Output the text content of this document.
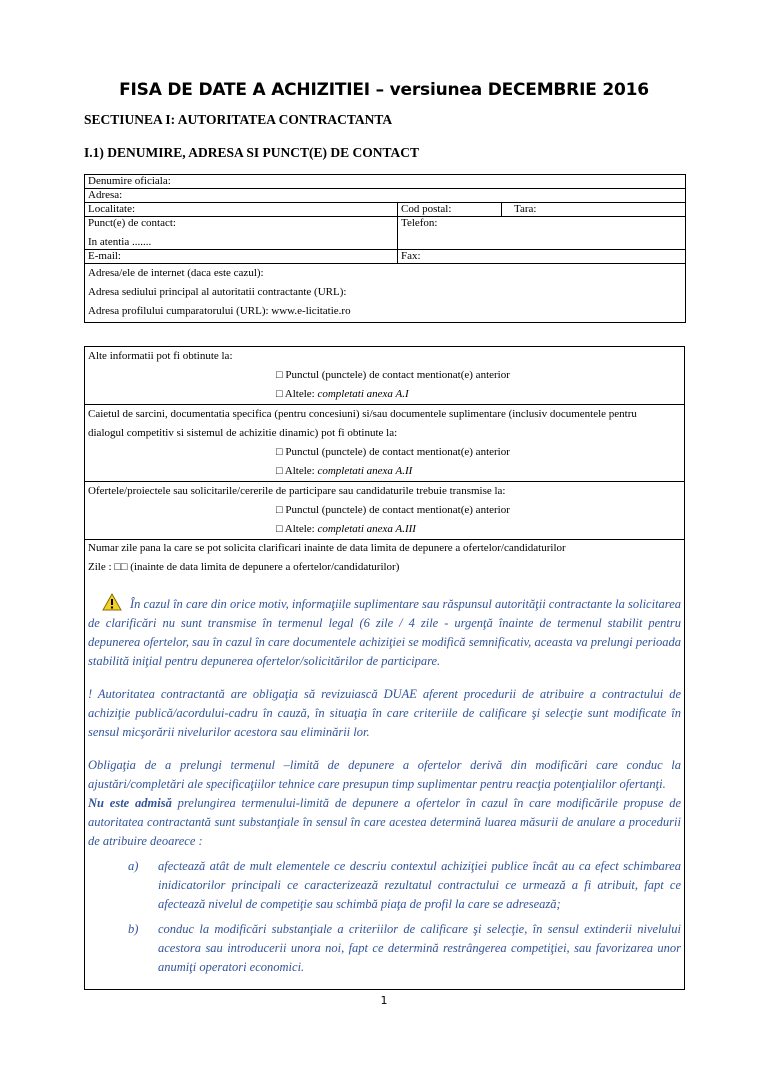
FISA DE DATE A ACHIZITIEI – versiunea DECEMBRIE 2016
SECTIUNEA I: AUTORITATEA CONTRACTANTA
I.1) DENUMIRE, ADRESA SI PUNCT(E) DE CONTACT
Denumire oficiala:		
Adresa:		
Localitate:	Cod postal:	Tara:

Punct(e) de contact:
In atentia .......	Telefon:	
E-mail:	Fax:	

Adresa/ele de internet (daca este cazul):
Adresa sediului principal al autoritatii contractante (URL):
Adresa profilului cumparatorului (URL): www.e-licitatie.ro		
Alte informatii pot fi obtinute la:
□ Punctul (punctele) de contact mentionat(e) anterior
□ Altele: completati anexa A.I

Caietul de sarcini, documentatia specifica (pentru concesiuni) si/sau documentele suplimentare (inclusiv documentele pentru
dialogul competitiv si sistemul de achizitie dinamic) pot fi obtinute la:
□ Punctul (punctele) de contact mentionat(e) anterior
□ Altele: completati anexa A.II

Ofertele/proiectele sau solicitarile/cererile de participare sau candidaturile trebuie transmise la:
□ Punctul (punctele) de contact mentionat(e) anterior
□ Altele: completati anexa A.III

Numar zile pana la care se pot solicita clarificari inainte de data limita de depunere a ofertelor/candidaturilor
Zile : □□ (inainte de data limita de depunere a ofertelor/candidaturilor)
În cazul în care din orice motiv, informaţiile suplimentare sau răspunsul autorităţii contractante la solicitarea de clarificări nu sunt transmise în termenul legal (6 zile / 4 zile - urgenţă înainte de termenul stabilit pentru depunerea ofertelor, sau în cazul în care documentele achiziţiei se modifică semnificativ, aceasta va prelungi perioada stabilită iniţial pentru depunerea ofertelor/solicitărilor de participare.
! Autoritatea contractantă are obligaţia să revizuiască DUAE aferent procedurii de atribuire a contractului de achiziţie publică/acordului-cadru în cauză, în situaţia în care criteriile de calificare şi selecţie sunt modificate în sensul micşorării nivelurilor acestora sau eliminării lor.
Obligaţia de a prelungi termenul –limită de depunere a ofertelor derivă din modificări care conduc la ajustări/completări ale specificaţiilor tehnice care presupun timp suplimentar pentru reacţia potenţialilor ofertanţi.
Nu este admisă prelungirea termenului-limită de depunere a ofertelor în cazul în care modificările propuse de autoritatea contractantă sunt substanţiale în sensul în care acestea determină luarea măsurii de anulare a procedurii de atribuire deoarece :
a)	afectează atât de mult elementele ce descriu contextul achiziţiei publice încât au ca efect schimbarea inidicatorilor principali ce caracterizează rezultatul contractului ce urmează a fi atribuit, fapt ce afectează nivelul de competiţie sau schimbă piaţa de profil la care se adresează;
b)	conduc la modificări substanţiale a criteriilor de calificare şi selecţie, în sensul extinderii nivelului acestora sau introducerii unora noi, fapt ce determină restrângerea competiţiei, sau favorizarea unor anumiţi operatori economici.
1
